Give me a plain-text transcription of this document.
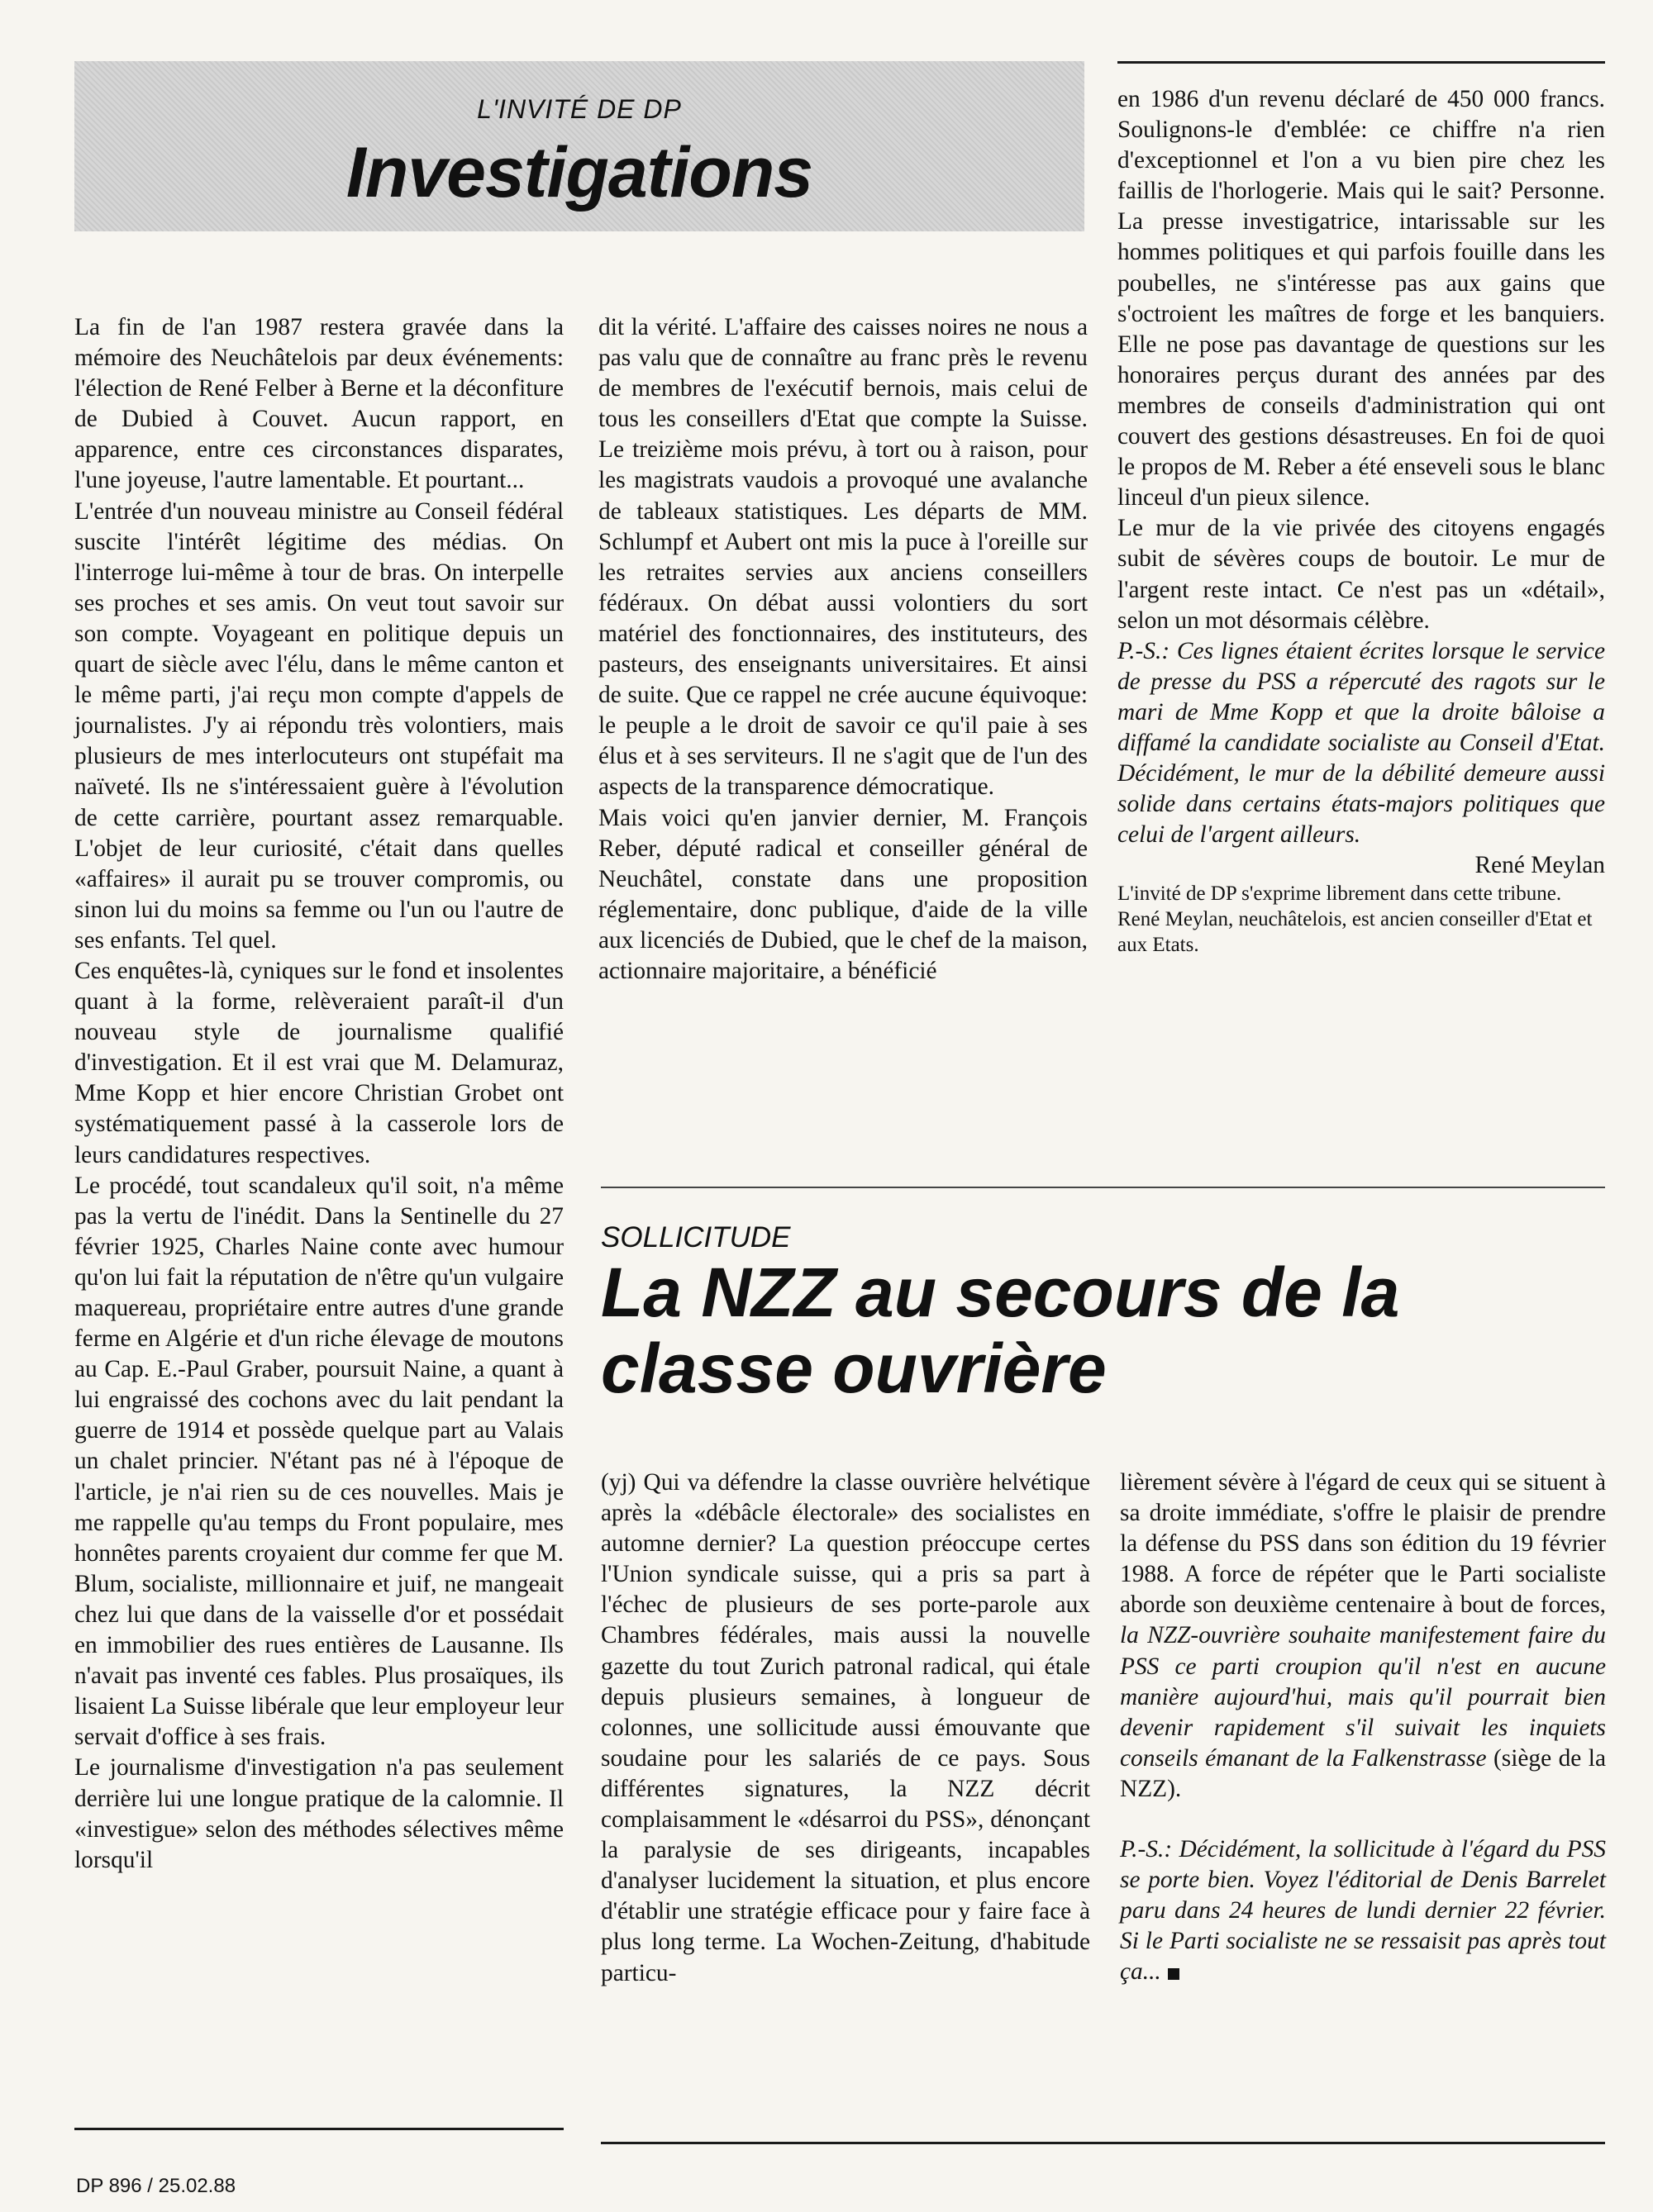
L'INVITÉ DE DP
Investigations

La fin de l'an 1987 restera gravée dans la mémoire des Neuchâtelois par deux événements: l'élection de René Felber à Berne et la déconfiture de Dubied à Couvet. Aucun rapport, en apparence, entre ces circonstances disparates, l'une joyeuse, l'autre lamentable. Et pourtant...

L'entrée d'un nouveau ministre au Conseil fédéral suscite l'intérêt légitime des médias. On l'interroge lui-même à tour de bras. On interpelle ses proches et ses amis. On veut tout savoir sur son compte. Voyageant en politique depuis un quart de siècle avec l'élu, dans le même canton et le même parti, j'ai reçu mon compte d'appels de journalistes. J'y ai répondu très volontiers, mais plusieurs de mes interlocuteurs ont stupéfait ma naïveté. Ils ne s'intéressaient guère à l'évolution de cette carrière, pourtant assez remarquable. L'objet de leur curiosité, c'était dans quelles «affaires» il aurait pu se trouver compromis, ou sinon lui du moins sa femme ou l'un ou l'autre de ses enfants. Tel quel.

Ces enquêtes-là, cyniques sur le fond et insolentes quant à la forme, relèveraient paraît-il d'un nouveau style de journalisme qualifié d'investigation. Et il est vrai que M. Delamuraz, Mme Kopp et hier encore Christian Grobet ont systématiquement passé à la casserole lors de leurs candidatures respectives.

Le procédé, tout scandaleux qu'il soit, n'a même pas la vertu de l'inédit. Dans la Sentinelle du 27 février 1925, Charles Naine conte avec humour qu'on lui fait la réputation de n'être qu'un vulgaire maquereau, propriétaire entre autres d'une grande ferme en Algérie et d'un riche élevage de moutons au Cap. E.-Paul Graber, poursuit Naine, a quant à lui engraissé des cochons avec du lait pendant la guerre de 1914 et possède quelque part au Valais un chalet princier. N'étant pas né à l'époque de l'article, je n'ai rien su de ces nouvelles. Mais je me rappelle qu'au temps du Front populaire, mes honnêtes parents croyaient dur comme fer que M. Blum, socialiste, millionnaire et juif, ne mangeait chez lui que dans de la vaisselle d'or et possédait en immobilier des rues entières de Lausanne. Ils n'avait pas inventé ces fables. Plus prosaïques, ils lisaient La Suisse libérale que leur employeur leur servait d'office à ses frais.

Le journalisme d'investigation n'a pas seulement derrière lui une longue pratique de la calomnie. Il «investigue» selon des méthodes sélectives même lorsqu'il

dit la vérité. L'affaire des caisses noires ne nous a pas valu que de connaître au franc près le revenu de membres de l'exécutif bernois, mais celui de tous les conseillers d'Etat que compte la Suisse. Le treizième mois prévu, à tort ou à raison, pour les magistrats vaudois a provoqué une avalanche de tableaux statistiques. Les départs de MM. Schlumpf et Aubert ont mis la puce à l'oreille sur les retraites servies aux anciens conseillers fédéraux. On débat aussi volontiers du sort matériel des fonctionnaires, des instituteurs, des pasteurs, des enseignants universitaires. Et ainsi de suite. Que ce rappel ne crée aucune équivoque: le peuple a le droit de savoir ce qu'il paie à ses élus et à ses serviteurs. Il ne s'agit que de l'un des aspects de la transparence démocratique.

Mais voici qu'en janvier dernier, M. François Reber, député radical et conseiller général de Neuchâtel, constate dans une proposition réglementaire, donc publique, d'aide de la ville aux licenciés de Dubied, que le chef de la maison, actionnaire majoritaire, a bénéficié

en 1986 d'un revenu déclaré de 450 000 francs. Soulignons-le d'emblée: ce chiffre n'a rien d'exceptionnel et l'on a vu bien pire chez les faillis de l'horlogerie. Mais qui le sait? Personne. La presse investigatrice, intarissable sur les hommes politiques et qui parfois fouille dans les poubelles, ne s'intéresse pas aux gains que s'octroient les maîtres de forge et les banquiers. Elle ne pose pas davantage de questions sur les honoraires perçus durant des années par des membres de conseils d'administration qui ont couvert des gestions désastreuses. En foi de quoi le propos de M. Reber a été enseveli sous le blanc linceul d'un pieux silence.

Le mur de la vie privée des citoyens engagés subit de sévères coups de boutoir. Le mur de l'argent reste intact. Ce n'est pas un «détail», selon un mot désormais célèbre.

P.-S.: Ces lignes étaient écrites lorsque le service de presse du PSS a répercuté des ragots sur le mari de Mme Kopp et que la droite bâloise a diffamé la candidate socialiste au Conseil d'Etat. Décidément, le mur de la débilité demeure aussi solide dans certains états-majors politiques que celui de l'argent ailleurs.

René Meylan

L'invité de DP s'exprime librement dans cette tribune. René Meylan, neuchâtelois, est ancien conseiller d'Etat et aux Etats.

SOLLICITUDE
La NZZ au secours de la classe ouvrière

(yj) Qui va défendre la classe ouvrière helvétique après la «débâcle électorale» des socialistes en automne dernier? La question préoccupe certes l'Union syndicale suisse, qui a pris sa part à l'échec de plusieurs de ses porte-parole aux Chambres fédérales, mais aussi la nouvelle gazette du tout Zurich patronal radical, qui étale depuis plusieurs semaines, à longueur de colonnes, une sollicitude aussi émouvante que soudaine pour les salariés de ce pays. Sous différentes signatures, la NZZ décrit complaisamment le «désarroi du PSS», dénonçant la paralysie de ses dirigeants, incapables d'analyser lucidement la situation, et plus encore d'établir une stratégie efficace pour y faire face à plus long terme. La Wochen-Zeitung, d'habitude particu-

lièrement sévère à l'égard de ceux qui se situent à sa droite immédiate, s'offre le plaisir de prendre la défense du PSS dans son édition du 19 février 1988. A force de répéter que le Parti socialiste aborde son deuxième centenaire à bout de forces, la NZZ-ouvrière souhaite manifestement faire du PSS ce parti croupion qu'il n'est en aucune manière aujourd'hui, mais qu'il pourrait bien devenir rapidement s'il suivait les inquiets conseils émanant de la Falkenstrasse (siège de la NZZ).

P.-S.: Décidément, la sollicitude à l'égard du PSS se porte bien. Voyez l'éditorial de Denis Barrelet paru dans 24 heures de lundi dernier 22 février. Si le Parti socialiste ne se ressaisit pas après tout ça...

DP 896 / 25.02.88
